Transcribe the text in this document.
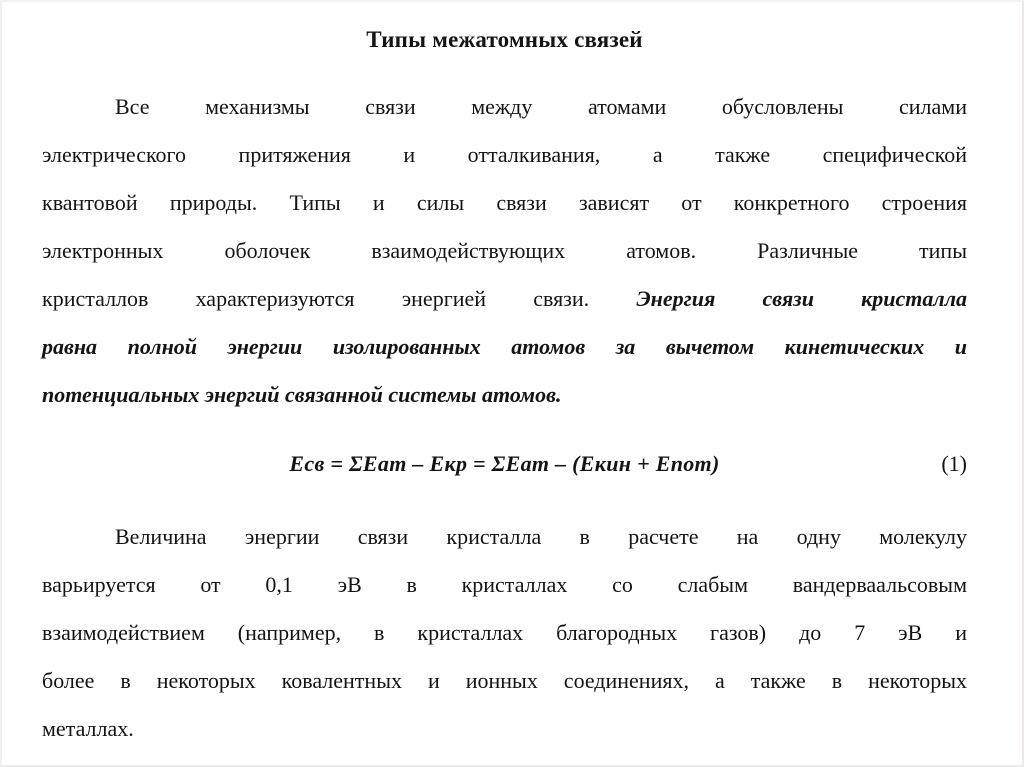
Типы межатомных связей
Все механизмы связи между атомами обусловлены силами
электрического притяжения и отталкивания, а также специфической
квантовой природы. Типы и силы связи зависят от конкретного строения
электронных оболочек взаимодействующих атомов. Различные типы
кристаллов характеризуются энергией связи. Энергия связи кристалла
равна полной энергии изолированных атомов за вычетом кинетических и
потенциальных энергий связанной системы атомов.
Есв = ΣЕат – Екр = ΣЕат – (Екин + Епот)	(1)
Величина энергии связи кристалла в расчете на одну молекулу
варьируется от 0,1 эВ в кристаллах со слабым вандерваальсовым
взаимодействием (например, в кристаллах благородных газов) до 7 эВ и
более в некоторых ковалентных и ионных соединениях, а также в некоторых
металлах.
